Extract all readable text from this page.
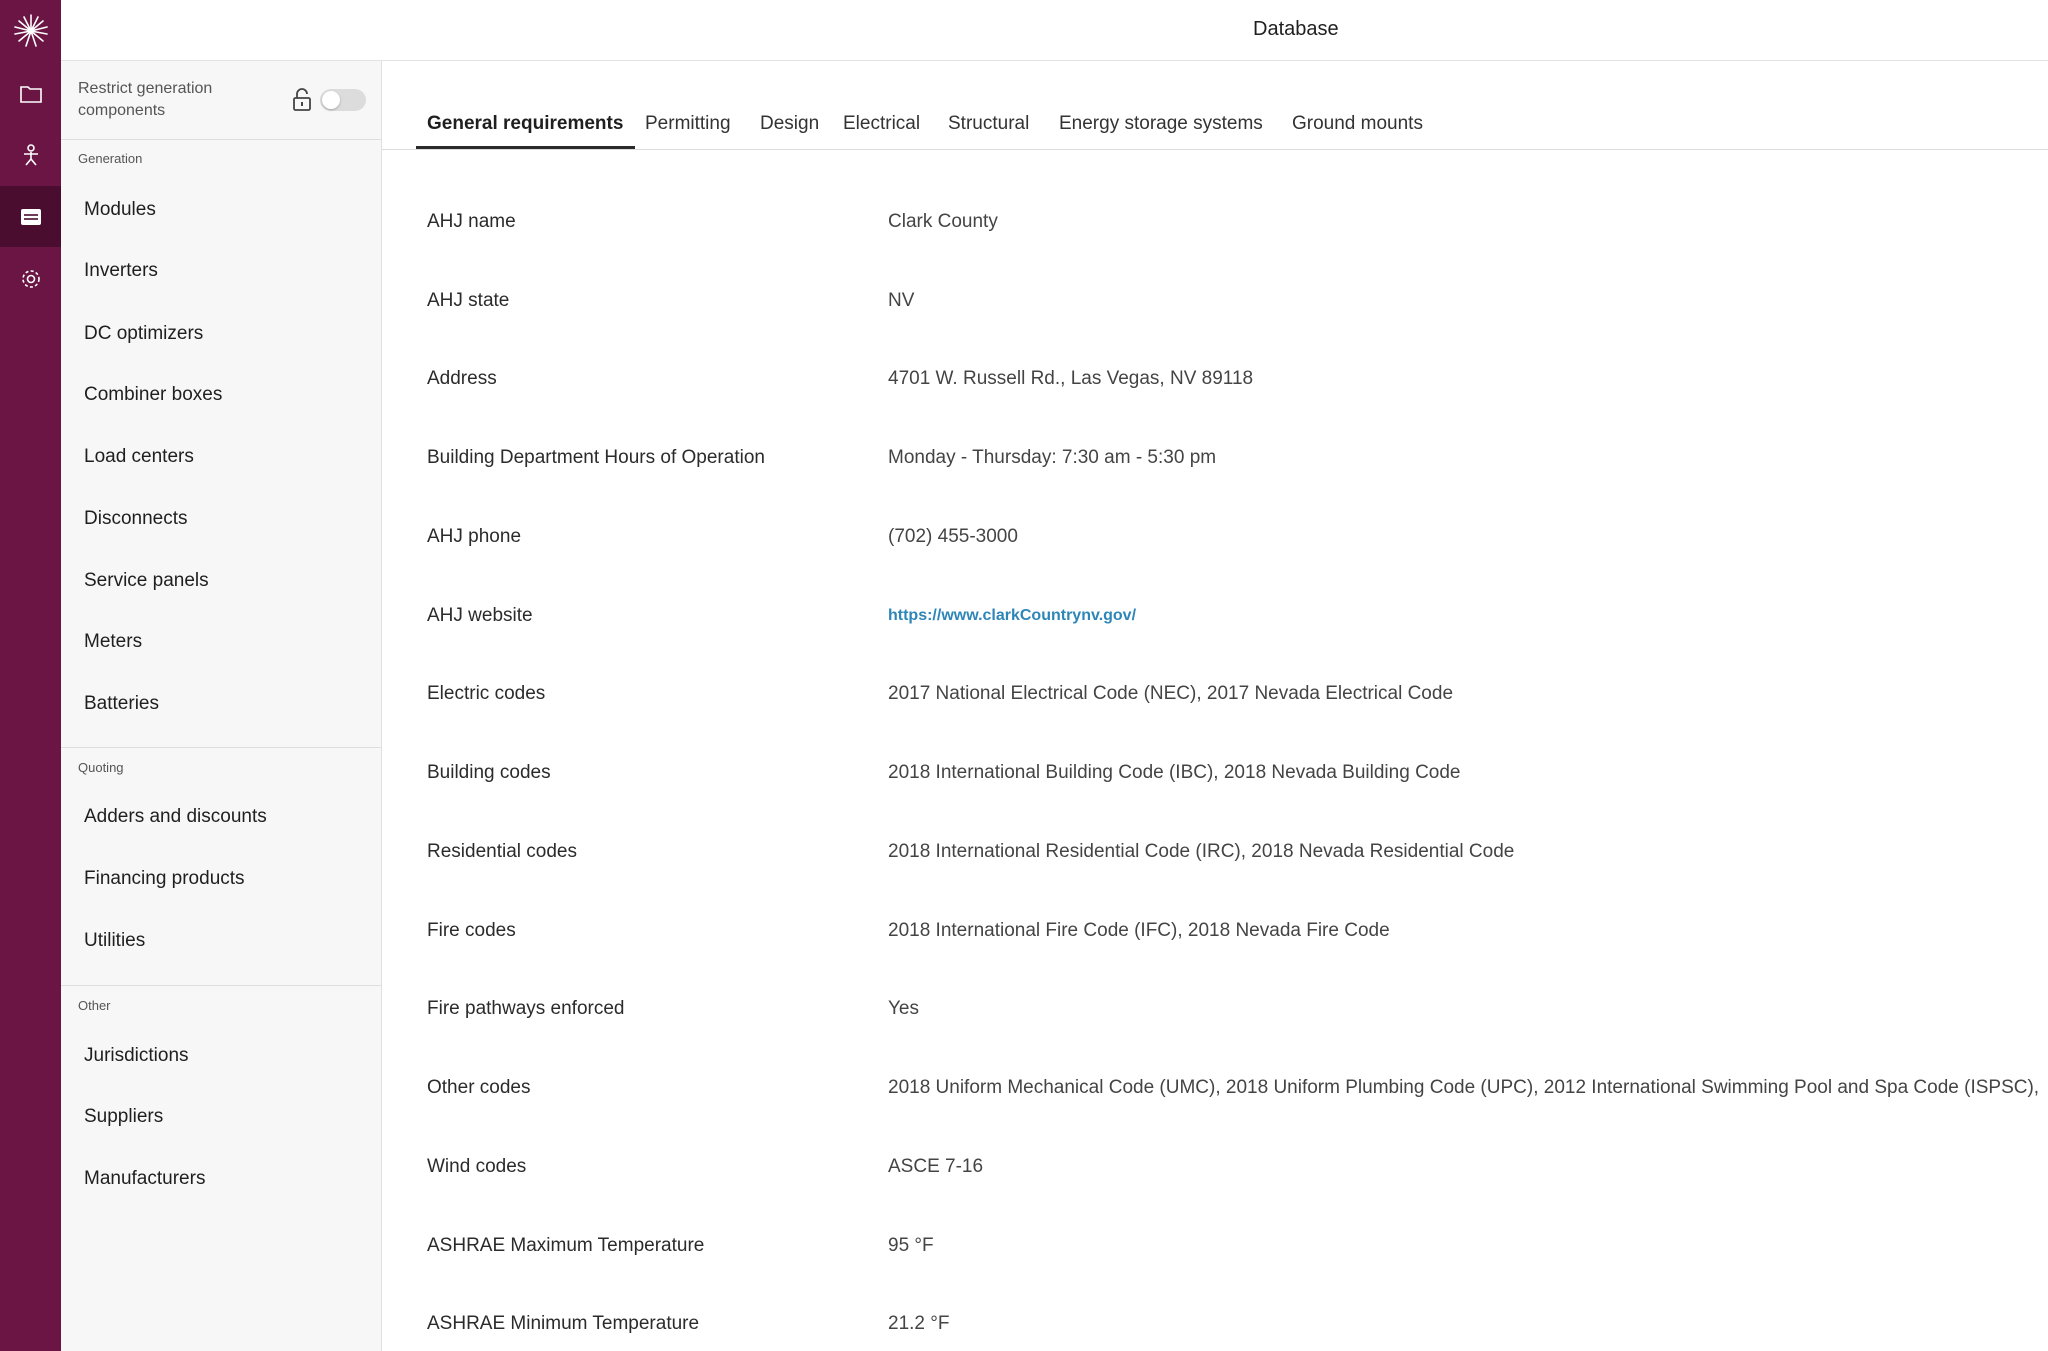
Database
Restrict generation components
Generation
Modules
Inverters
DC optimizers
Combiner boxes
Load centers
Disconnects
Service panels
Meters
Batteries
Quoting
Adders and discounts
Financing products
Utilities
Other
Jurisdictions
Suppliers
Manufacturers
General requirements Permitting Design Electrical Structural Energy storage systems Ground mounts
AHJ name	Clark County
AHJ state	NV
Address	4701 W. Russell Rd., Las Vegas, NV 89118
Building Department Hours of Operation	Monday - Thursday: 7:30 am - 5:30 pm
AHJ phone	(702) 455-3000
AHJ website	https://www.clarkCountrynv.gov/
Electric codes	2017 National Electrical Code (NEC), 2017 Nevada Electrical Code
Building codes	2018 International Building Code (IBC), 2018 Nevada Building Code
Residential codes	2018 International Residential Code (IRC), 2018 Nevada Residential Code
Fire codes	2018 International Fire Code (IFC), 2018 Nevada Fire Code
Fire pathways enforced	Yes
Other codes	2018 Uniform Mechanical Code (UMC), 2018 Uniform Plumbing Code (UPC), 2012 International Swimming Pool and Spa Code (ISPSC),
Wind codes	ASCE 7-16
ASHRAE Maximum Temperature	95 °F
ASHRAE Minimum Temperature	21.2 °F
